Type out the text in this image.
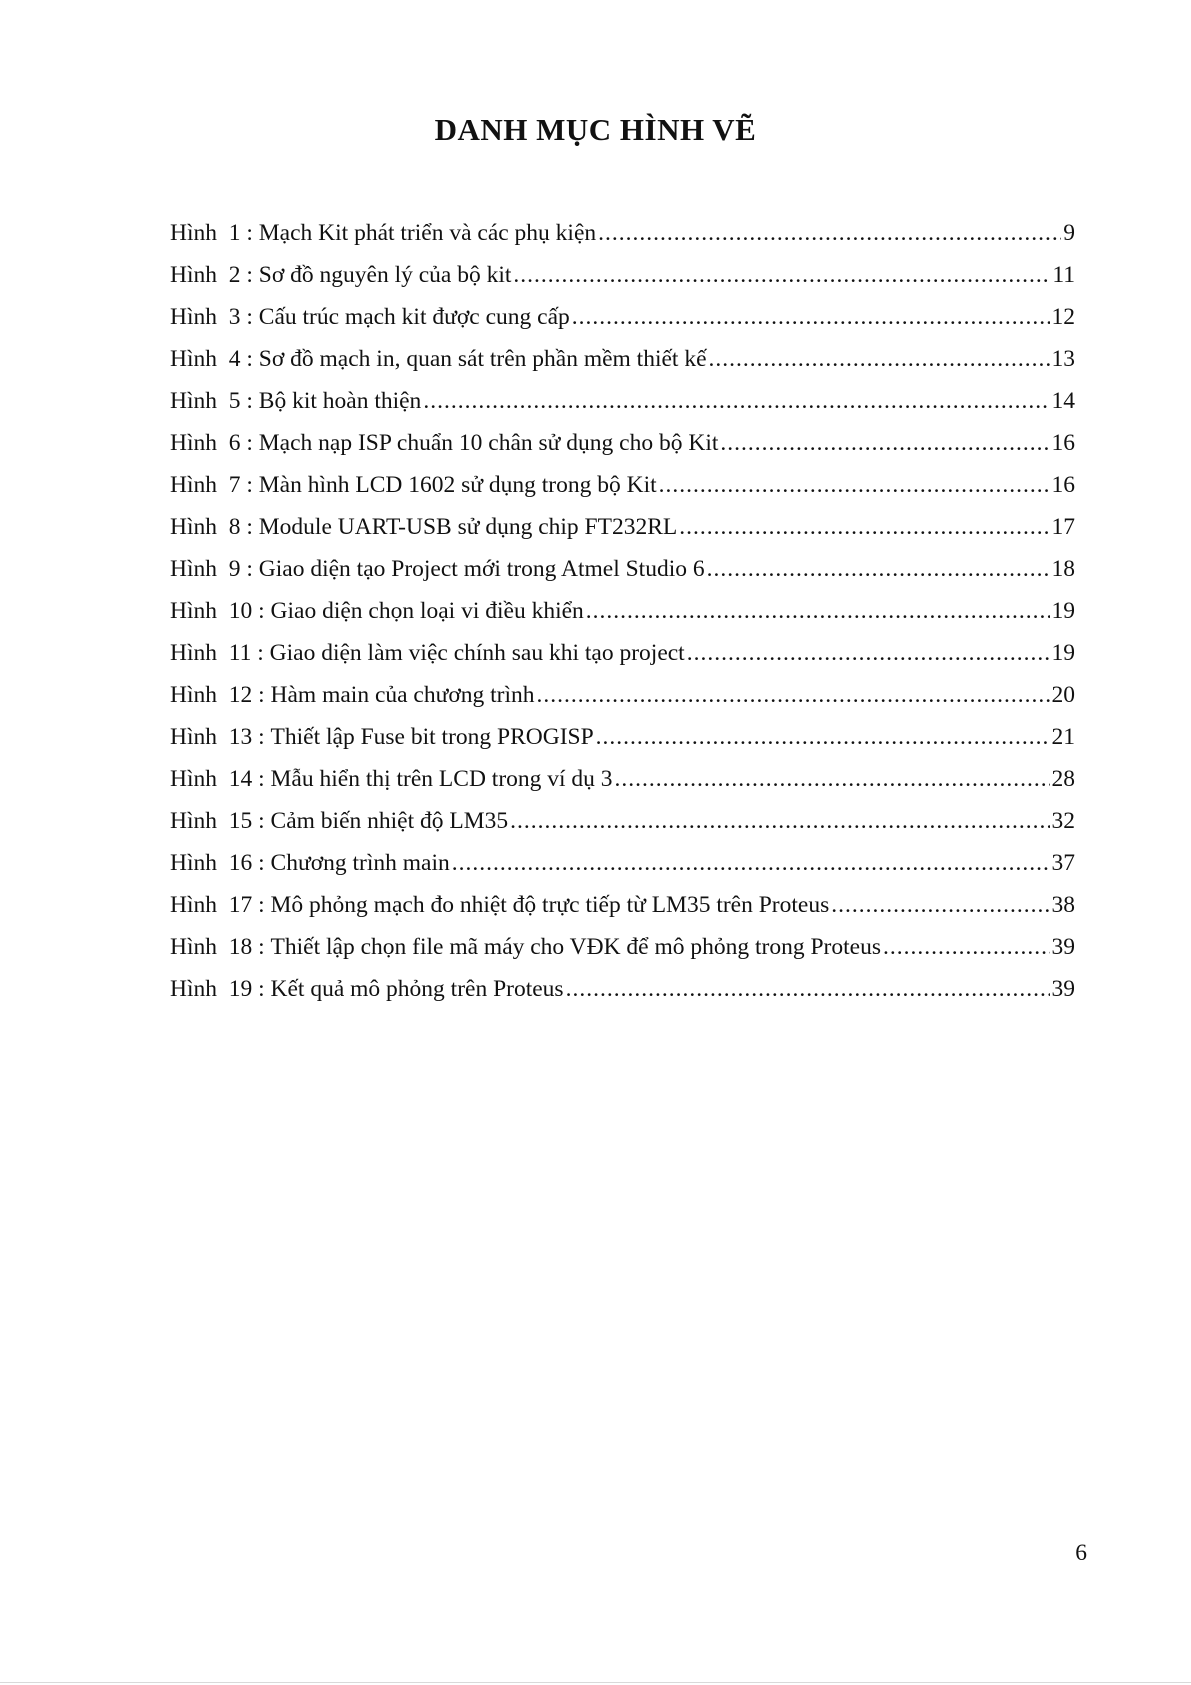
DANH MỤC HÌNH VẼ
Hình  1 : Mạch Kit phát triển và các phụ kiện .....	9
Hình  2 : Sơ đồ nguyên lý của bộ kit .....	11
Hình  3 : Cấu trúc mạch kit được cung cấp .....	12
Hình  4 : Sơ đồ mạch in, quan sát trên phần mềm thiết kế .....	13
Hình  5 : Bộ kit hoàn thiện .....	14
Hình  6 : Mạch nạp ISP chuẩn 10 chân sử dụng cho bộ Kit .....	16
Hình  7 : Màn hình LCD 1602 sử dụng trong bộ Kit .....	16
Hình  8 : Module UART-USB sử dụng chip FT232RL .....	17
Hình  9 : Giao diện tạo Project mới trong Atmel Studio 6 .....	18
Hình  10 : Giao diện chọn loại vi điều khiển .....	19
Hình  11 : Giao diện làm việc chính sau khi tạo project .....	19
Hình  12 : Hàm main của chương trình .....	20
Hình  13 : Thiết lập Fuse bit trong PROGISP .....	21
Hình  14 : Mẫu hiển thị trên LCD trong ví dụ 3 .....	28
Hình  15 : Cảm biến nhiệt độ LM35 .....	32
Hình  16 : Chương trình main .....	37
Hình  17 : Mô phỏng mạch đo nhiệt độ trực tiếp từ LM35 trên Proteus .....	38
Hình  18 : Thiết lập chọn file mã máy cho VĐK để mô phỏng trong Proteus .....	39
Hình  19 : Kết quả mô phỏng trên Proteus .....	39
6
